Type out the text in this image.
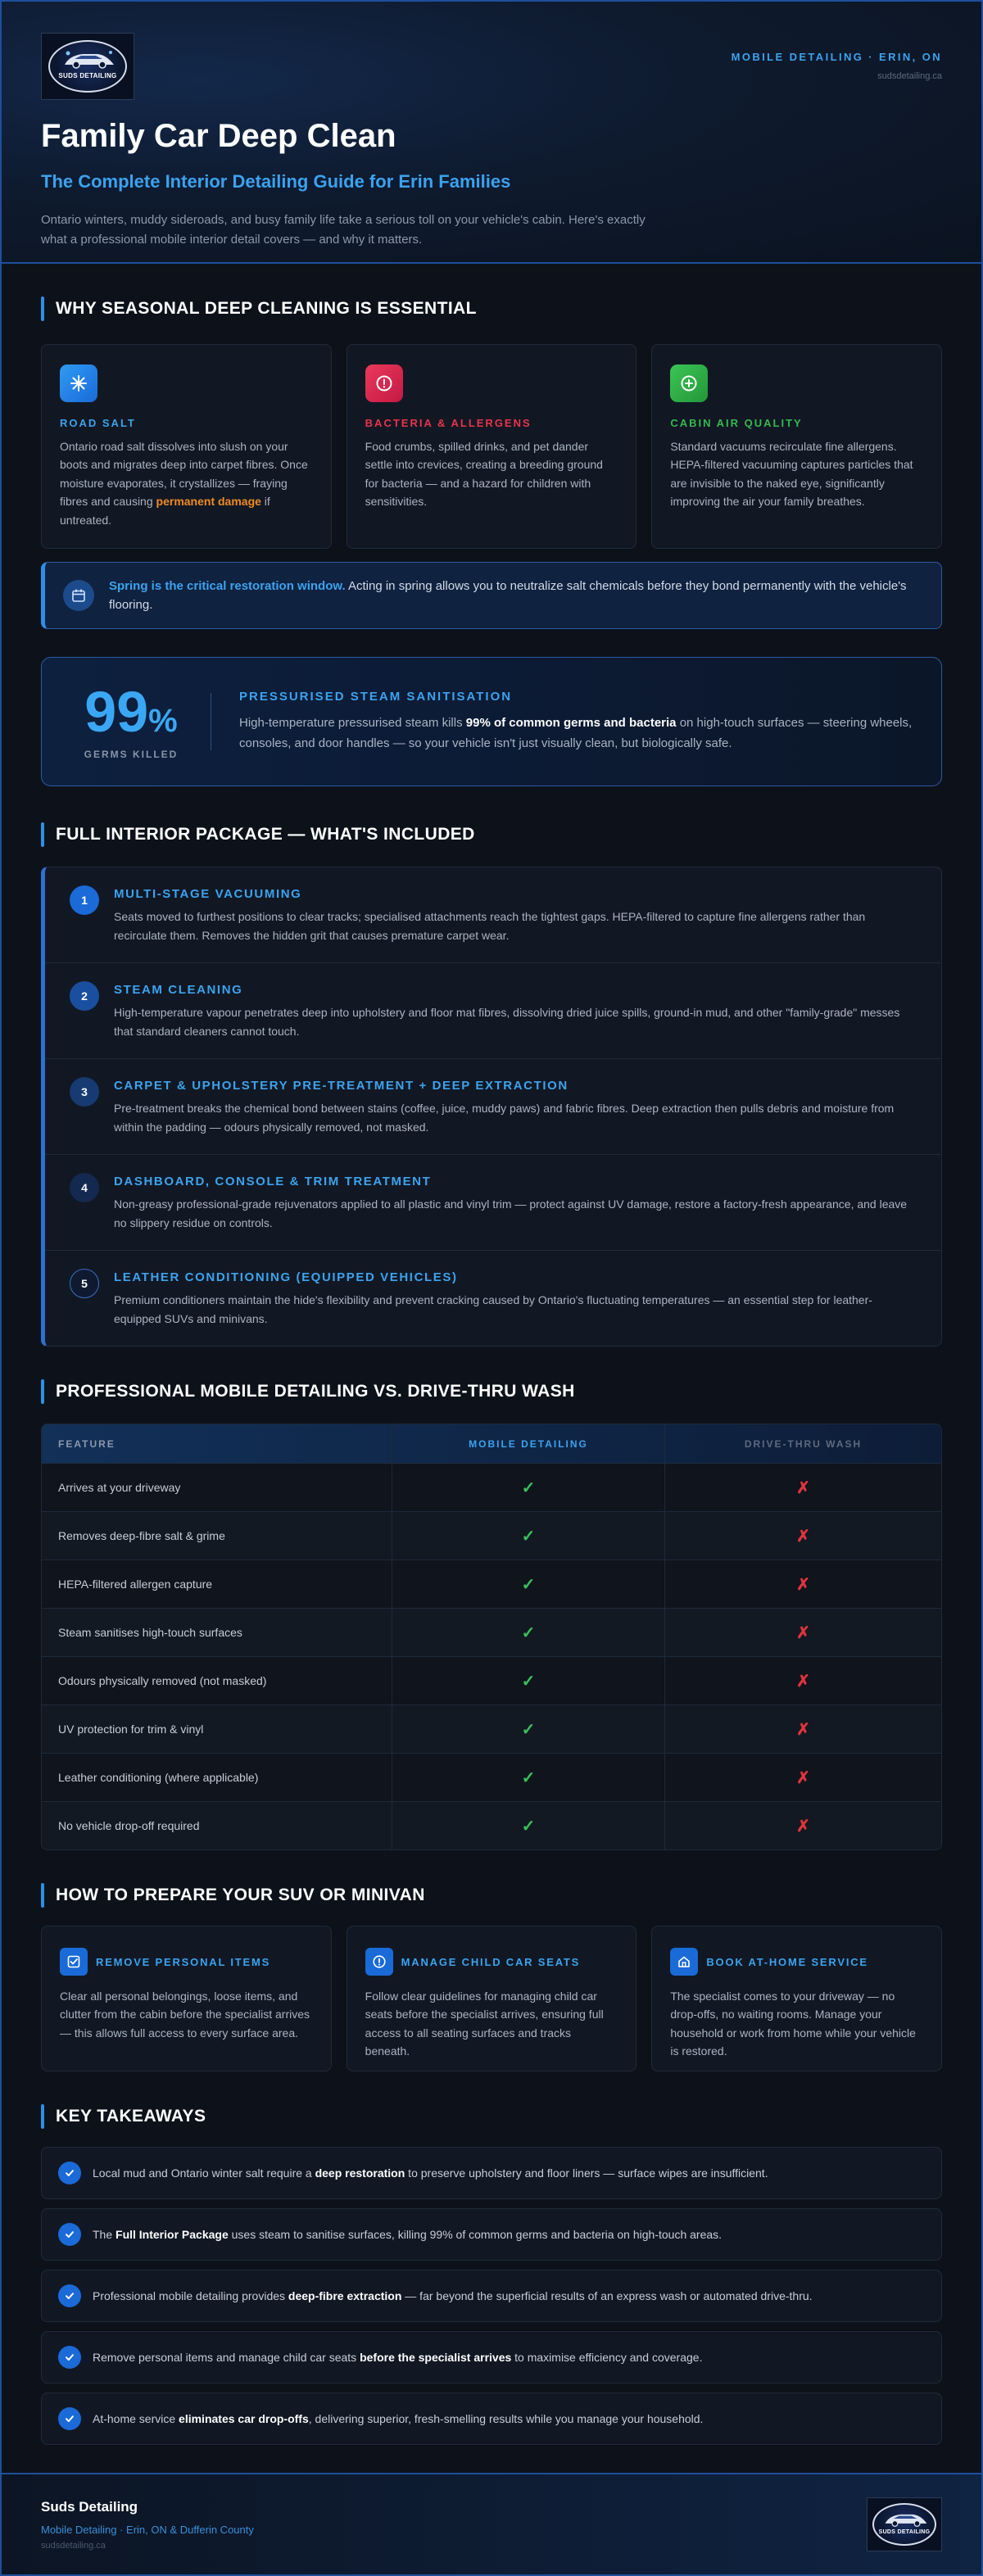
SUDS DETAILING
MOBILE DETAILING · ERIN, ON
sudsdetailing.ca
Family Car Deep Clean
The Complete Interior Detailing Guide for Erin Families

Ontario winters, muddy sideroads, and busy family life take a serious toll on your vehicle's cabin. Here's exactly what a professional mobile interior detail covers — and why it matters.

WHY SEASONAL DEEP CLEANING IS ESSENTIAL
ROAD SALT
Ontario road salt dissolves into slush on your boots and migrates deep into carpet fibres. Once moisture evaporates, it crystallizes — fraying fibres and causing permanent damage if untreated.
BACTERIA & ALLERGENS
Food crumbs, spilled drinks, and pet dander settle into crevices, creating a breeding ground for bacteria — and a hazard for children with sensitivities.
CABIN AIR QUALITY
Standard vacuums recirculate fine allergens. HEPA-filtered vacuuming captures particles that are invisible to the naked eye, significantly improving the air your family breathes.
Spring is the critical restoration window. Acting in spring allows you to neutralize salt chemicals before they bond permanently with the vehicle's flooring.
99%
GERMS KILLED
PRESSURISED STEAM SANITISATION
High-temperature pressurised steam kills 99% of common germs and bacteria on high-touch surfaces — steering wheels, consoles, and door handles — so your vehicle isn't just visually clean, but biologically safe.
FULL INTERIOR PACKAGE — WHAT'S INCLUDED
1	MULTI-STAGE VACUUMING
Seats moved to furthest positions to clear tracks; specialised attachments reach the tightest gaps. HEPA-filtered to capture fine allergens rather than recirculate them. Removes the hidden grit that causes premature carpet wear.
2	STEAM CLEANING
High-temperature vapour penetrates deep into upholstery and floor mat fibres, dissolving dried juice spills, ground-in mud, and other "family-grade" messes that standard cleaners cannot touch.
3	CARPET & UPHOLSTERY PRE-TREATMENT + DEEP EXTRACTION
Pre-treatment breaks the chemical bond between stains (coffee, juice, muddy paws) and fabric fibres. Deep extraction then pulls debris and moisture from within the padding — odours physically removed, not masked.
4	DASHBOARD, CONSOLE & TRIM TREATMENT
Non-greasy professional-grade rejuvenators applied to all plastic and vinyl trim — protect against UV damage, restore a factory-fresh appearance, and leave no slippery residue on controls.
5	LEATHER CONDITIONING (EQUIPPED VEHICLES)
Premium conditioners maintain the hide's flexibility and prevent cracking caused by Ontario's fluctuating temperatures — an essential step for leather-equipped SUVs and minivans.
PROFESSIONAL MOBILE DETAILING VS. DRIVE-THRU WASH
FEATURE	MOBILE DETAILING	DRIVE-THRU WASH
Arrives at your driveway	✓	✗
Removes deep-fibre salt & grime	✓	✗
HEPA-filtered allergen capture	✓	✗
Steam sanitises high-touch surfaces	✓	✗
Odours physically removed (not masked)	✓	✗
UV protection for trim & vinyl	✓	✗
Leather conditioning (where applicable)	✓	✗
No vehicle drop-off required	✓	✗
HOW TO PREPARE YOUR SUV OR MINIVAN
REMOVE PERSONAL ITEMS
Clear all personal belongings, loose items, and clutter from the cabin before the specialist arrives — this allows full access to every surface area.
MANAGE CHILD CAR SEATS
Follow clear guidelines for managing child car seats before the specialist arrives, ensuring full access to all seating surfaces and tracks beneath.
BOOK AT-HOME SERVICE
The specialist comes to your driveway — no drop-offs, no waiting rooms. Manage your household or work from home while your vehicle is restored.
KEY TAKEAWAYS
Local mud and Ontario winter salt require a deep restoration to preserve upholstery and floor liners — surface wipes are insufficient.
The Full Interior Package uses steam to sanitise surfaces, killing 99% of common germs and bacteria on high-touch areas.
Professional mobile detailing provides deep-fibre extraction — far beyond the superficial results of an express wash or automated drive-thru.
Remove personal items and manage child car seats before the specialist arrives to maximise efficiency and coverage.
At-home service eliminates car drop-offs, delivering superior, fresh-smelling results while you manage your household.
Suds Detailing
Mobile Detailing · Erin, ON & Dufferin County
sudsdetailing.ca
SUDS DETAILING
